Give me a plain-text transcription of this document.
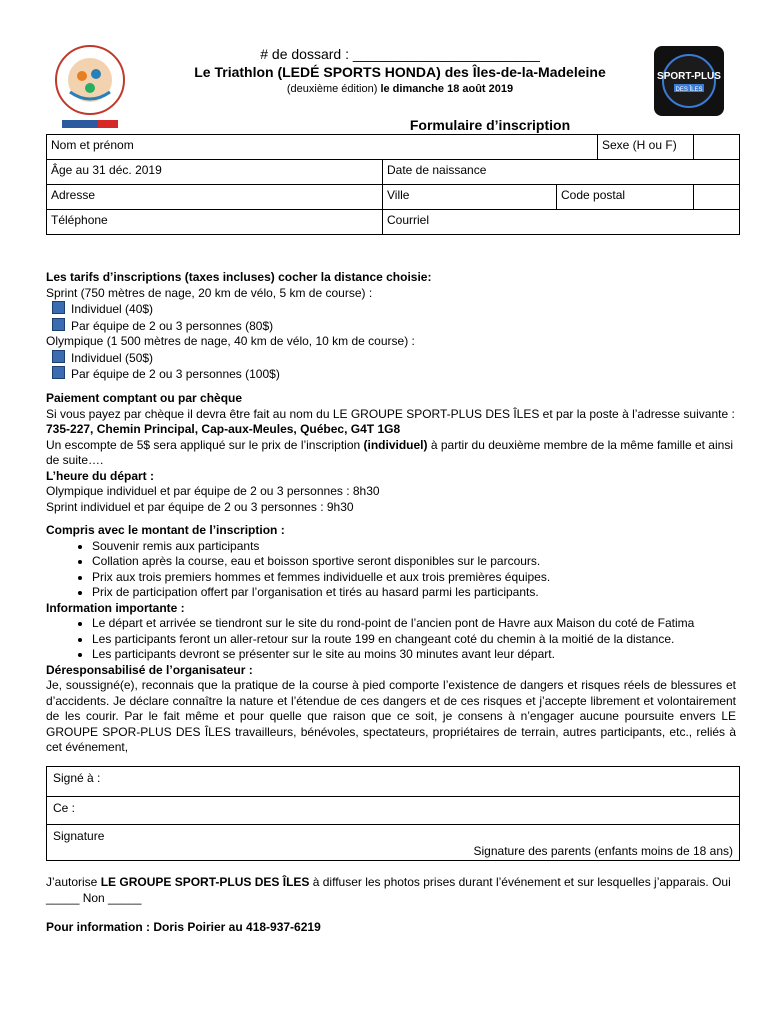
SPORT-PLUS
DES ÎLES
# de dossard : ________________________
Le Triathlon (LEDÉ SPORTS HONDA) des Îles-de-la-Madeleine
(deuxième édition) le dimanche 18 août 2019
Formulaire d’inscription
Nom et prénom			Sexe (H ou F)	
Âge au 31 déc. 2019	Date de naissance			
Adresse	Ville	Code postal		
Téléphone	Courriel			
Les tarifs d’inscriptions (taxes incluses) cocher la distance choisie:
Sprint (750 mètres de nage, 20 km de vélo, 5 km de course) :
Individuel (40$)
Par équipe de 2 ou 3 personnes (80$)
Olympique (1 500 mètres de nage, 40 km de vélo, 10 km de course) :
Individuel (50$)
Par équipe de 2 ou 3 personnes (100$)
Paiement comptant ou par chèque
Si vous payez par chèque il devra être fait au nom du LE GROUPE SPORT-PLUS DES ÎLES et par la poste à l’adresse suivante : 735-227, Chemin Principal, Cap-aux-Meules, Québec, G4T 1G8
Un escompte de 5$ sera appliqué sur le prix de l’inscription (individuel) à partir du deuxième membre de la même famille et ainsi de suite….
L’heure du départ :
Olympique individuel et par équipe de 2 ou 3 personnes : 8h30
Sprint individuel et par équipe de 2 ou 3 personnes : 9h30
Compris avec le montant de l’inscription :
• Souvenir remis aux participants
• Collation après la course, eau et boisson sportive seront disponibles sur le parcours.
• Prix aux trois premiers hommes et femmes individuelle et aux trois premières équipes.
• Prix de participation offert par l’organisation et tirés au hasard parmi les participants.
Information importante :
• Le départ et arrivée se tiendront sur le site du rond-point de l’ancien pont de Havre aux Maison du coté de Fatima
• Les participants feront un aller-retour sur la route 199 en changeant coté du chemin à la moitié de la distance.
• Les participants devront se présenter sur le site au moins 30 minutes avant leur départ.
Déresponsabilisé de l’organisateur :
Je, soussigné(e), reconnais que la pratique de la course à pied comporte l’existence de dangers et risques réels de blessures et d’accidents. Je déclare connaître la nature et l’étendue de ces dangers et de ces risques et j’accepte librement et volontairement de les courir. Par le fait même et pour quelle que raison que ce soit, je consens à n’engager aucune poursuite envers LE GROUPE SPOR-PLUS DES ÎLES travailleurs, bénévoles, spectateurs, propriétaires de terrain, autres participants, etc., reliés à cet événement,
Signé à :
Ce :
Signature
Signature des parents (enfants moins de 18 ans)
J’autorise LE GROUPE SPORT-PLUS DES ÎLES à diffuser les photos prises durant l’événement et sur lesquelles j’apparais. Oui _____ Non _____
Pour information : Doris Poirier au 418-937-6219
